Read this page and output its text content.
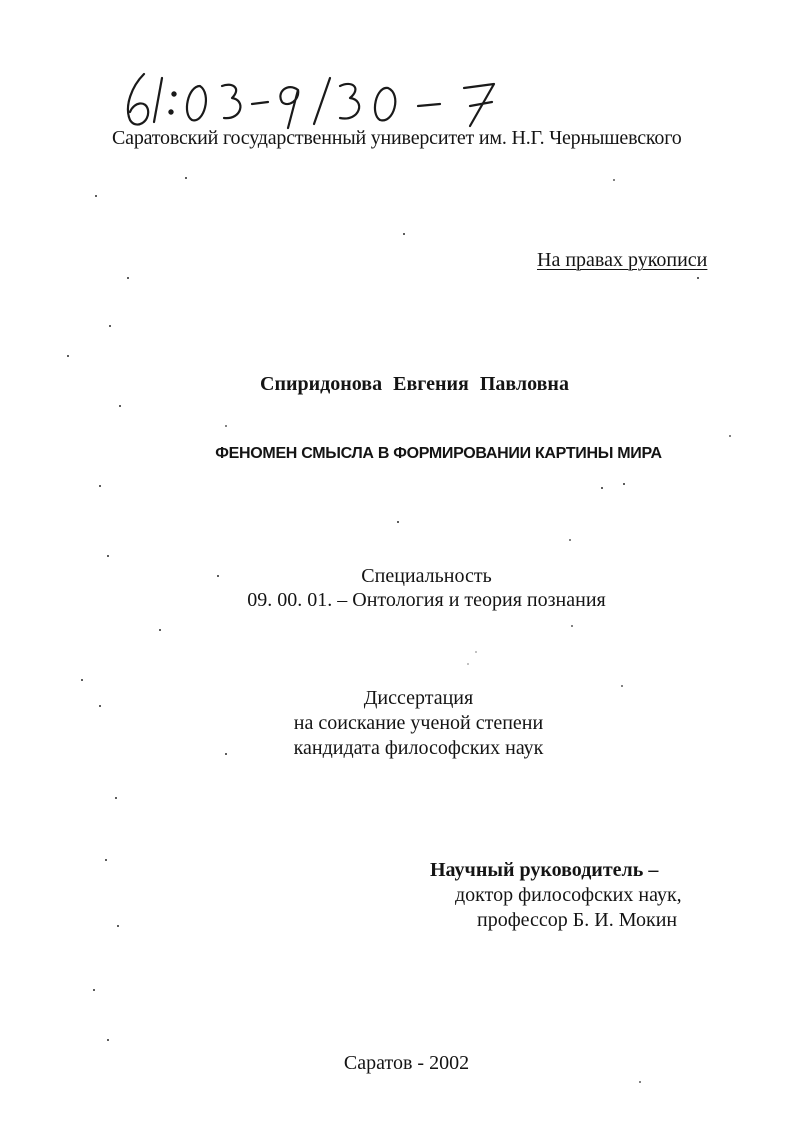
Саратовский государственный университет им. Н.Г. Чернышевского
На правах рукописи
Спиридонова Евгения Павловна
ФЕНОМЕН СМЫСЛА В ФОРМИРОВАНИИ КАРТИНЫ МИРА
Специальность
09. 00. 01. – Онтология и теория познания
Диссертация
на соискание ученой степени
кандидата философских наук
Научный руководитель –
доктор философских наук,
профессор Б. И. Мокин
Саратов - 2002
